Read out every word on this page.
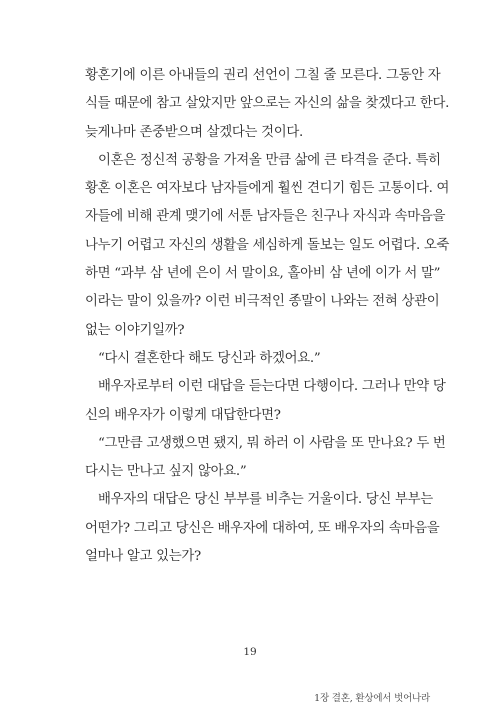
황혼기에 이른 아내들의 권리 선언이 그칠 줄 모른다. 그동안 자
식들 때문에 참고 살았지만 앞으로는 자신의 삶을 찾겠다고 한다.
늦게나마 존중받으며 살겠다는 것이다.
이혼은 정신적 공황을 가져올 만큼 삶에 큰 타격을 준다. 특히
황혼 이혼은 여자보다 남자들에게 훨씬 견디기 힘든 고통이다. 여
자들에 비해 관계 맺기에 서툰 남자들은 친구나 자식과 속마음을
나누기 어렵고 자신의 생활을 세심하게 돌보는 일도 어렵다. 오죽
하면 “과부 삼 년에 은이 서 말이요, 홀아비 삼 년에 이가 서 말”
이라는 말이 있을까? 이런 비극적인 종말이 나와는 전혀 상관이
없는 이야기일까?
“다시 결혼한다 해도 당신과 하겠어요.”
배우자로부터 이런 대답을 듣는다면 다행이다. 그러나 만약 당
신의 배우자가 이렇게 대답한다면?
“그만큼 고생했으면 됐지, 뭐 하러 이 사람을 또 만나요? 두 번
다시는 만나고 싶지 않아요.”
배우자의 대답은 당신 부부를 비추는 거울이다. 당신 부부는
어떤가? 그리고 당신은 배우자에 대하여, 또 배우자의 속마음을
얼마나 알고 있는가?
19
1장 결혼, 환상에서 벗어나라
